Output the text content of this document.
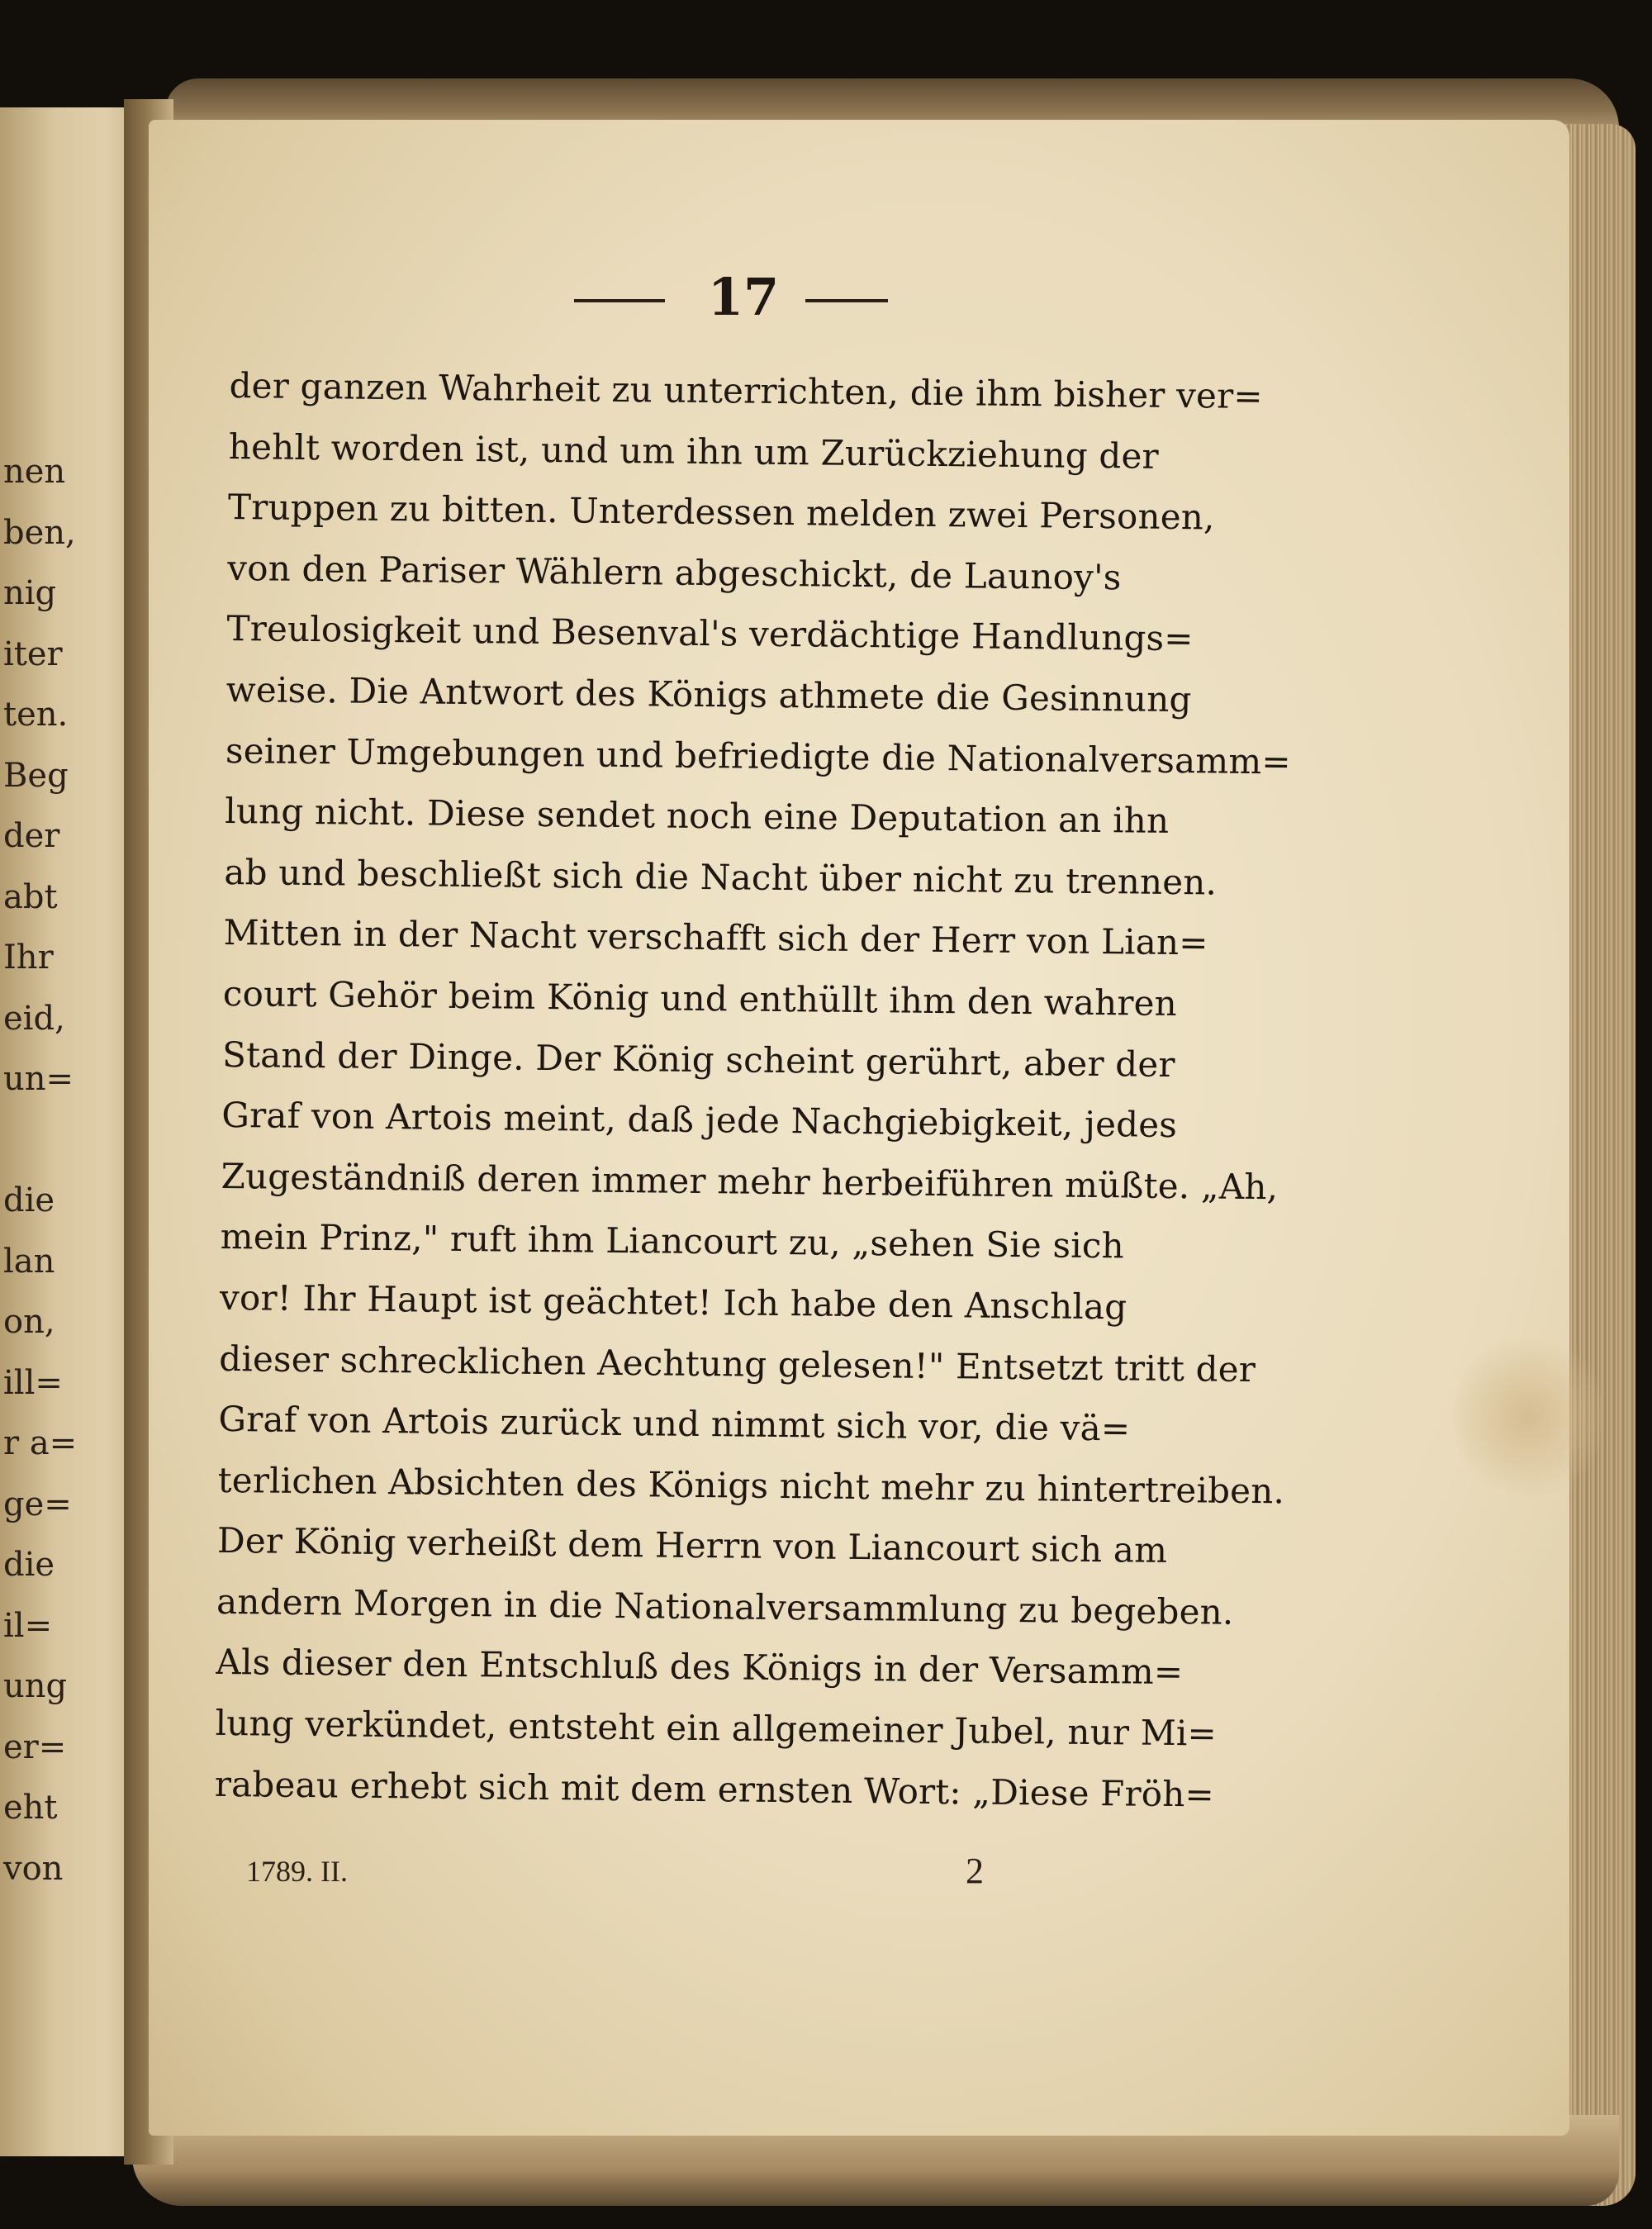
nen
ben,
nig
iter
ten.
Beg
der
abt
Ihr
eid,
un=
die
lan
on,
ill=
r a=
ge=
die
il=
ung
er=
eht
von
17
der ganzen Wahrheit zu unterrichten, die ihm bisher ver=
hehlt worden ist, und um ihn um Zurückziehung der
Truppen zu bitten. Unterdessen melden zwei Personen,
von den Pariser Wählern abgeschickt, de Launoy's
Treulosigkeit und Besenval's verdächtige Handlungs=
weise. Die Antwort des Königs athmete die Gesinnung
seiner Umgebungen und befriedigte die Nationalversamm=
lung nicht. Diese sendet noch eine Deputation an ihn
ab und beschließt sich die Nacht über nicht zu trennen.
Mitten in der Nacht verschafft sich der Herr von Lian=
court Gehör beim König und enthüllt ihm den wahren
Stand der Dinge. Der König scheint gerührt, aber der
Graf von Artois meint, daß jede Nachgiebigkeit, jedes
Zugeständniß deren immer mehr herbeiführen müßte. „Ah,
mein Prinz," ruft ihm Liancourt zu, „sehen Sie sich
vor! Ihr Haupt ist geächtet! Ich habe den Anschlag
dieser schrecklichen Aechtung gelesen!" Entsetzt tritt der
Graf von Artois zurück und nimmt sich vor, die vä=
terlichen Absichten des Königs nicht mehr zu hintertreiben.
Der König verheißt dem Herrn von Liancourt sich am
andern Morgen in die Nationalversammlung zu begeben.
Als dieser den Entschluß des Königs in der Versamm=
lung verkündet, entsteht ein allgemeiner Jubel, nur Mi=
rabeau erhebt sich mit dem ernsten Wort: „Diese Fröh=
1789. II.	2
